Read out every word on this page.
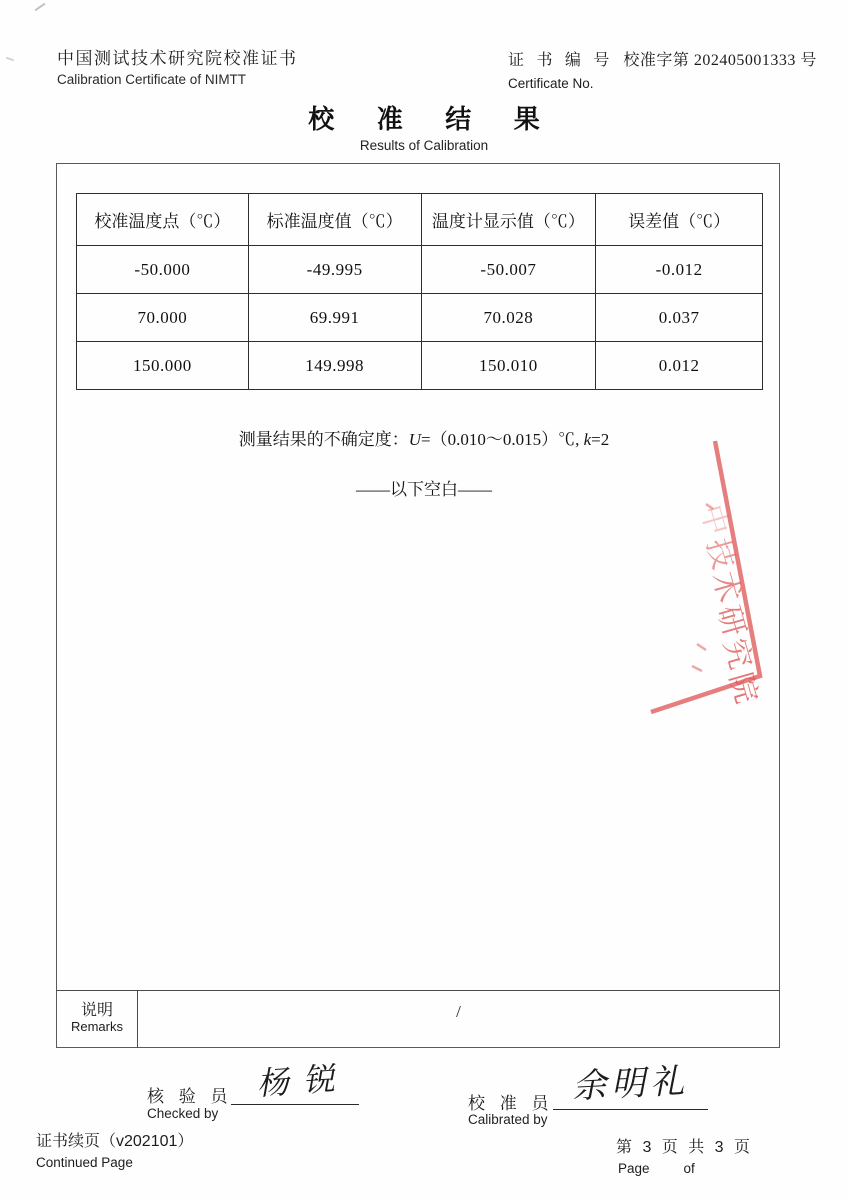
中国测试技术研究院校准证书
Calibration Certificate of NIMTT
证 书 编 号 校准字第 202405001333 号
Certificate No.
校 准 结 果
Results of Calibration
校准温度点（℃）	标准温度值（℃）	温度计显示值（℃）	误差值（℃）
-50.000	-49.995	-50.007	-0.012
70.000	69.991	70.028	0.037
150.000	149.998	150.010	0.012
测量结果的不确定度：U=（0.010～0.015）℃, k=2
——以下空白——
中
技
术
研
究
院
说明
Remarks
/
核 验 员
Checked by
杨锐
校 准 员
Calibrated by
余明礼
证书续页（v202101）
Continued Page
第 3 页 共 3 页
Page	of
